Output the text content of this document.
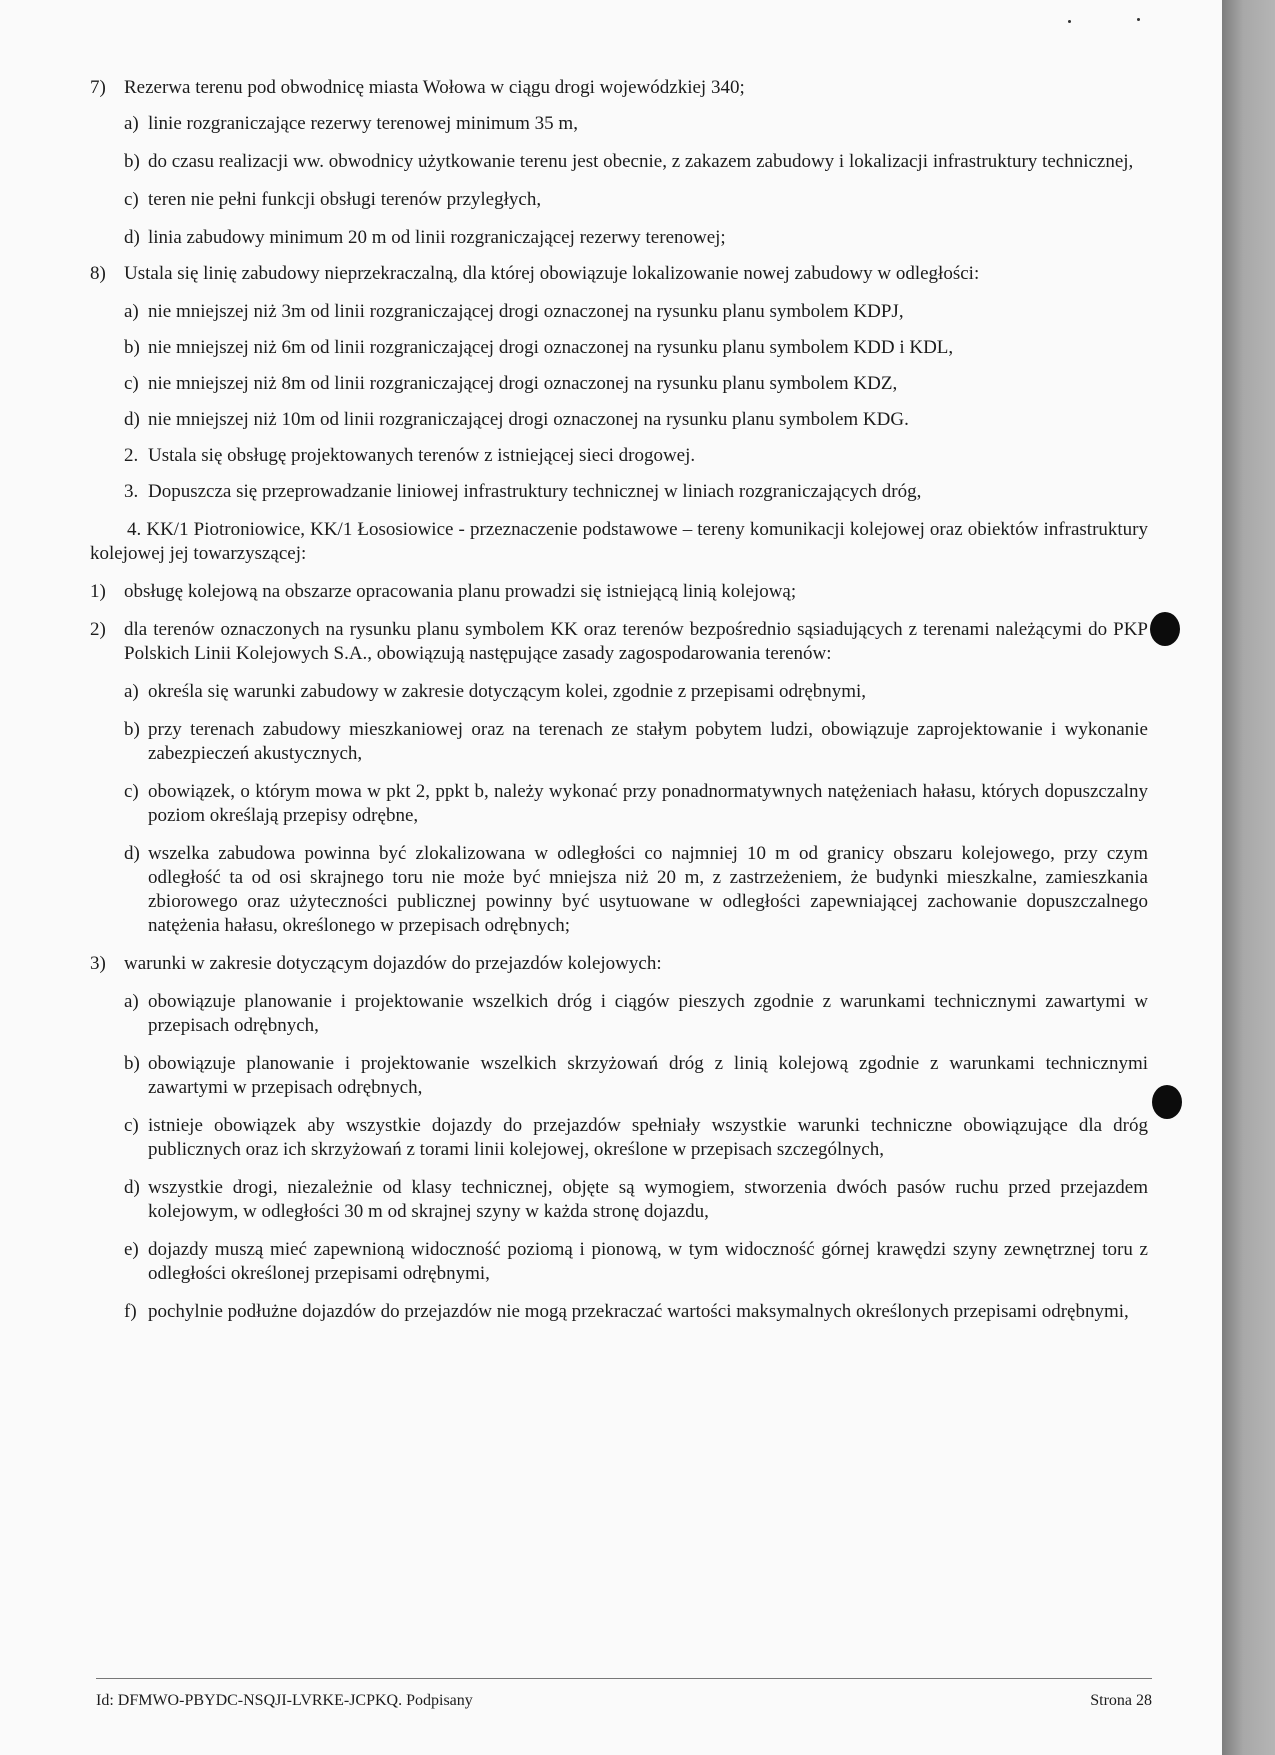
7) Rezerwa terenu pod obwodnicę miasta Wołowa w ciągu drogi wojewódzkiej 340;

a) linie rozgraniczające rezerwy terenowej minimum 35 m,

b) do czasu realizacji ww. obwodnicy użytkowanie terenu jest obecnie, z zakazem zabudowy i lokalizacji infrastruktury technicznej,

c) teren nie pełni funkcji obsługi terenów przyległych,

d) linia zabudowy minimum 20 m od linii rozgraniczającej rezerwy terenowej;

8) Ustala się linię zabudowy nieprzekraczalną, dla której obowiązuje lokalizowanie nowej zabudowy w odległości:

a) nie mniejszej niż 3m od linii rozgraniczającej drogi oznaczonej na rysunku planu symbolem KDPJ,

b) nie mniejszej niż 6m od linii rozgraniczającej drogi oznaczonej na rysunku planu symbolem KDD i KDL,

c) nie mniejszej niż 8m od linii rozgraniczającej drogi oznaczonej na rysunku planu symbolem KDZ,

d) nie mniejszej niż 10m od linii rozgraniczającej drogi oznaczonej na rysunku planu symbolem KDG.

2. Ustala się obsługę projektowanych terenów z istniejącej sieci drogowej.

3. Dopuszcza się przeprowadzanie liniowej infrastruktury technicznej w liniach rozgraniczających dróg,

4. KK/1 Piotroniowice, KK/1 Łososiowice - przeznaczenie podstawowe – tereny komunikacji kolejowej oraz obiektów infrastruktury kolejowej jej towarzyszącej:

1) obsługę kolejową na obszarze opracowania planu prowadzi się istniejącą linią kolejową;

2) dla terenów oznaczonych na rysunku planu symbolem KK oraz terenów bezpośrednio sąsiadujących z terenami należącymi do PKP Polskich Linii Kolejowych S.A., obowiązują następujące zasady zagospodarowania terenów:

a) określa się warunki zabudowy w zakresie dotyczącym kolei, zgodnie z przepisami odrębnymi,

b) przy terenach zabudowy mieszkaniowej oraz na terenach ze stałym pobytem ludzi, obowiązuje zaprojektowanie i wykonanie zabezpieczeń akustycznych,

c) obowiązek, o którym mowa w pkt 2, ppkt b, należy wykonać przy ponadnormatywnych natężeniach hałasu, których dopuszczalny poziom określają przepisy odrębne,

d) wszelka zabudowa powinna być zlokalizowana w odległości co najmniej 10 m od granicy obszaru kolejowego, przy czym odległość ta od osi skrajnego toru nie może być mniejsza niż 20 m, z zastrzeżeniem, że budynki mieszkalne, zamieszkania zbiorowego oraz użyteczności publicznej powinny być usytuowane w odległości zapewniającej zachowanie dopuszczalnego natężenia hałasu, określonego w przepisach odrębnych;

3) warunki w zakresie dotyczącym dojazdów do przejazdów kolejowych:

a) obowiązuje planowanie i projektowanie wszelkich dróg i ciągów pieszych zgodnie z warunkami technicznymi zawartymi w przepisach odrębnych,

b) obowiązuje planowanie i projektowanie wszelkich skrzyżowań dróg z linią kolejową zgodnie z warunkami technicznymi zawartymi w przepisach odrębnych,

c) istnieje obowiązek aby wszystkie dojazdy do przejazdów spełniały wszystkie warunki techniczne obowiązujące dla dróg publicznych oraz ich skrzyżowań z torami linii kolejowej, określone w przepisach szczególnych,

d) wszystkie drogi, niezależnie od klasy technicznej, objęte są wymogiem, stworzenia dwóch pasów ruchu przed przejazdem kolejowym, w odległości 30 m od skrajnej szyny w każda stronę dojazdu,

e) dojazdy muszą mieć zapewnioną widoczność poziomą i pionową, w tym widoczność górnej krawędzi szyny zewnętrznej toru z odległości określonej przepisami odrębnymi,

f) pochylnie podłużne dojazdów do przejazdów nie mogą przekraczać wartości maksymalnych określonych przepisami odrębnymi,

Id: DFMWO-PBYDC-NSQJI-LVRKE-JCPKQ. Podpisany	Strona 28
